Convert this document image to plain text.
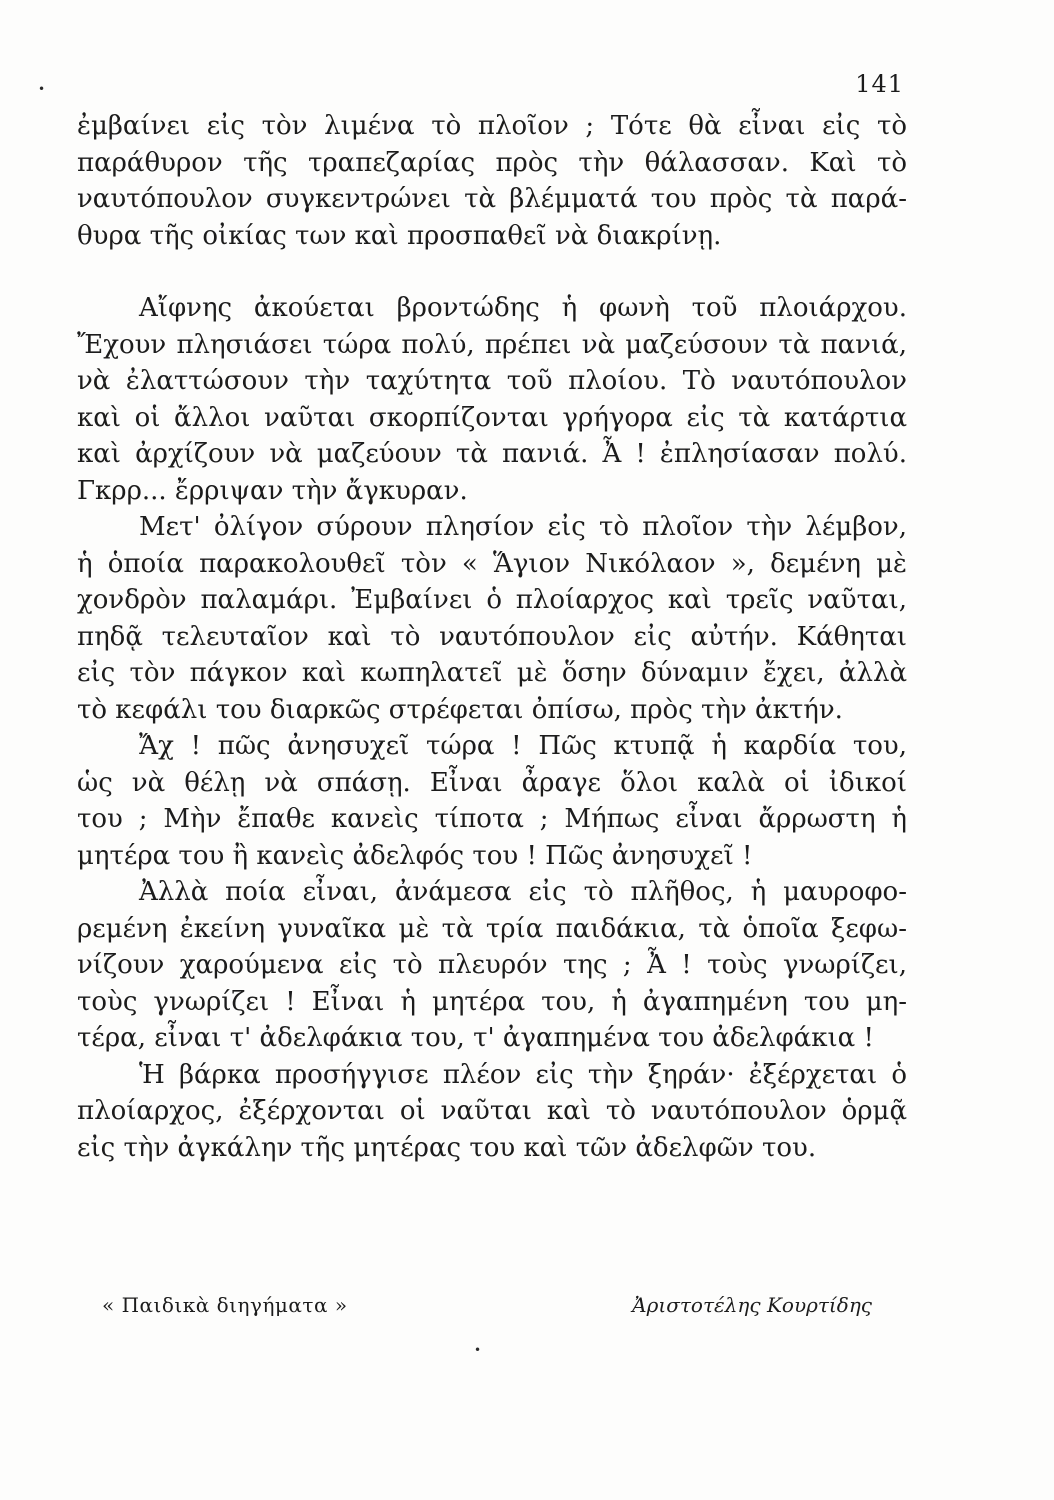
•
•
141
ἐμβαίνει εἰς τὸν λιμένα τὸ πλοῖον ; Τότε θὰ εἶναι εἰς τὸ
παράθυρον τῆς τραπεζαρίας πρὸς τὴν θάλασσαν. Καὶ τὸ
ναυτόπουλον συγκεντρώνει τὰ βλέμματά του πρὸς τὰ παρά-
θυρα τῆς οἰκίας των καὶ προσπαθεῖ νὰ διακρίνῃ.
Αἴφνης ἀκούεται βροντώδης ἡ φωνὴ τοῦ πλοιάρχου.
Ἔχουν πλησιάσει τώρα πολύ, πρέπει νὰ μαζεύσουν τὰ πανιά,
νὰ ἐλαττώσουν τὴν ταχύτητα τοῦ πλοίου. Τὸ ναυτόπουλον
καὶ οἱ ἄλλοι ναῦται σκορπίζονται γρήγορα εἰς τὰ κατάρτια
καὶ ἀρχίζουν νὰ μαζεύουν τὰ πανιά. Ἆ ! ἐπλησίασαν πολύ.
Γκρρ... ἔρριψαν τὴν ἄγκυραν.
Μετ' ὀλίγον σύρουν πλησίον εἰς τὸ πλοῖον τὴν λέμβον,
ἡ ὁποία παρακολουθεῖ τὸν « Ἅγιον Νικόλαον », δεμένη μὲ
χονδρὸν παλαμάρι. Ἐμβαίνει ὁ πλοίαρχος καὶ τρεῖς ναῦται,
πηδᾷ τελευταῖον καὶ τὸ ναυτόπουλον εἰς αὐτήν. Κάθηται
εἰς τὸν πάγκον καὶ κωπηλατεῖ μὲ ὅσην δύναμιν ἔχει, ἀλλὰ
τὸ κεφάλι του διαρκῶς στρέφεται ὀπίσω, πρὸς τὴν ἀκτήν.
Ἄχ ! πῶς ἀνησυχεῖ τώρα ! Πῶς κτυπᾷ ἡ καρδία του,
ὡς νὰ θέλῃ νὰ σπάσῃ. Εἶναι ἆραγε ὅλοι καλὰ οἱ ἰδικοί
του ; Μὴν ἔπαθε κανεὶς τίποτα ; Μήπως εἶναι ἄρρωστη ἡ
μητέρα του ἢ κανεὶς ἀδελφός του ! Πῶς ἀνησυχεῖ !
Ἀλλὰ ποία εἶναι, ἀνάμεσα εἰς τὸ πλῆθος, ἡ μαυροφο-
ρεμένη ἐκείνη γυναῖκα μὲ τὰ τρία παιδάκια, τὰ ὁποῖα ξεφω-
νίζουν χαρούμενα εἰς τὸ πλευρόν της ; Ἆ ! τοὺς γνωρίζει,
τοὺς γνωρίζει ! Εἶναι ἡ μητέρα του, ἡ ἀγαπημένη του μη-
τέρα, εἶναι τ' ἀδελφάκια του, τ' ἀγαπημένα του ἀδελφάκια !
Ἡ βάρκα προσήγγισε πλέον εἰς τὴν ξηράν· ἐξέρχεται ὁ
πλοίαρχος, ἐξέρχονται οἱ ναῦται καὶ τὸ ναυτόπουλον ὁρμᾷ
εἰς τὴν ἀγκάλην τῆς μητέρας του καὶ τῶν ἀδελφῶν του.
« Παιδικὰ διηγήματα »	Ἀριστοτέλης Κουρτίδης
